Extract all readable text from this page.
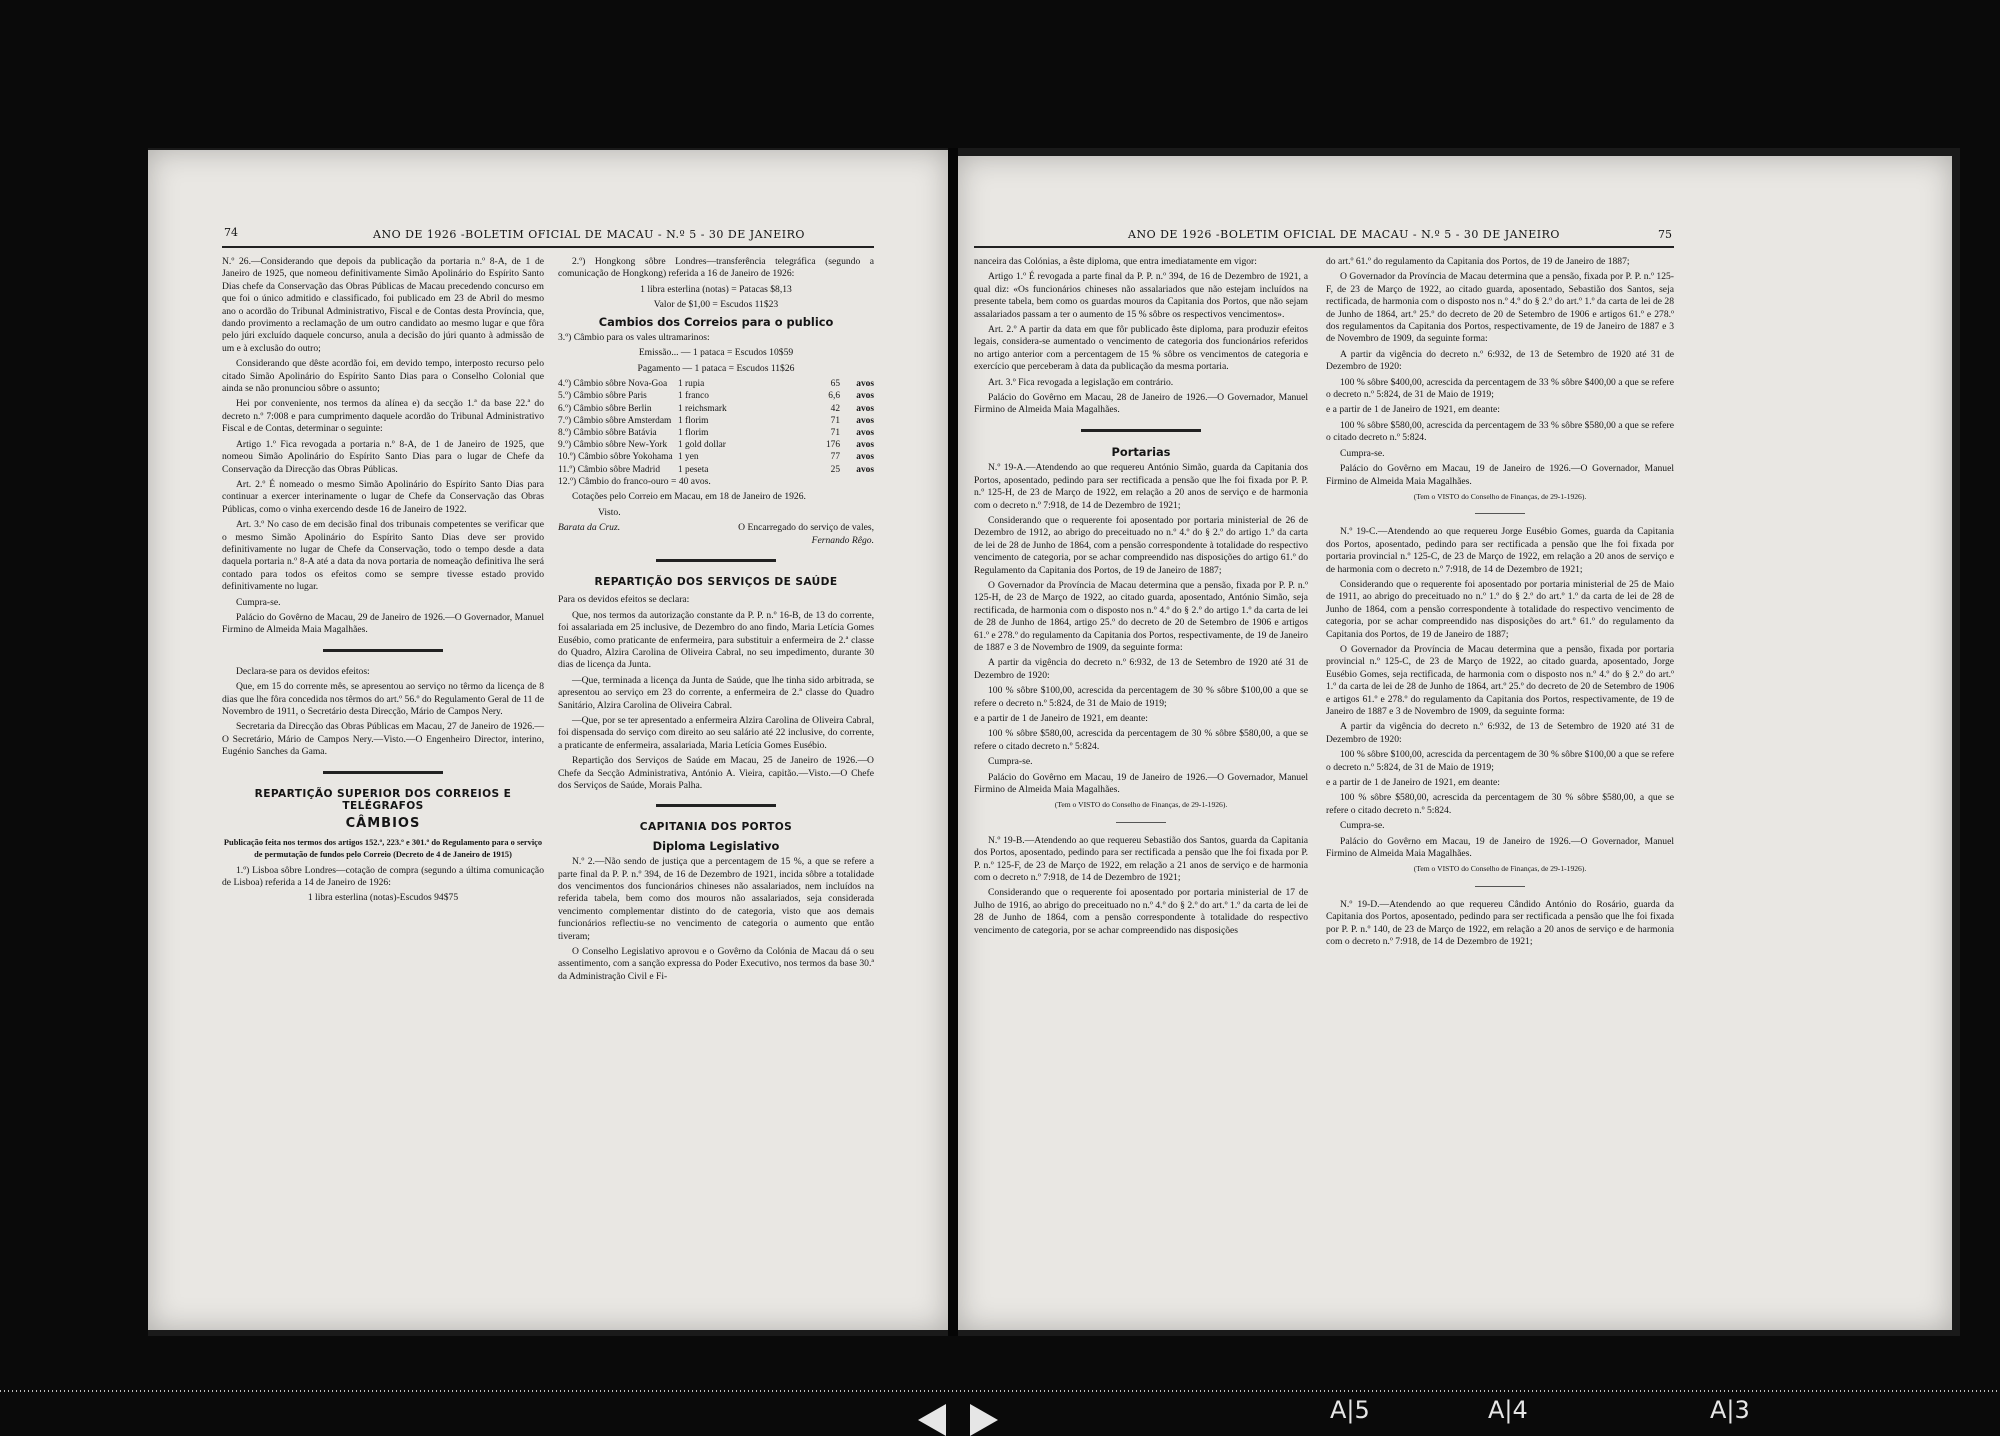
74	ANO DE 1926 -BOLETIM OFICIAL DE MACAU - N.º 5 - 30 DE JANEIRO

N.º 26.—Considerando que depois da publicação da portaria n.º 8-A, de 1 de Janeiro de 1925, que nomeou definitivamente Simão Apolinário do Espírito Santo Dias chefe da Conservação das Obras Públicas de Macau precedendo concurso em que foi o único admitido e classificado, foi publicado em 23 de Abril do mesmo ano o acordão do Tribunal Administrativo, Fiscal e de Contas desta Província, que, dando provimento a reclamação de um outro candidato ao mesmo lugar e que fôra pelo júri excluído daquele concurso, anula a decisão do júri quanto à admissão de um e à exclusão do outro;

Considerando que dêste acordão foi, em devido tempo, interposto recurso pelo citado Simão Apolinário do Espírito Santo Dias para o Conselho Colonial que ainda se não pronunciou sôbre o assunto;

Hei por conveniente, nos termos da alínea e) da secção 1.ª da base 22.ª do decreto n.º 7:008 e para cumprimento daquele acordão do Tribunal Administrativo Fiscal e de Contas, determinar o seguinte:

Artigo 1.º Fica revogada a portaria n.º 8-A, de 1 de Janeiro de 1925, que nomeou Simão Apolinário do Espírito Santo Dias para o lugar de Chefe da Conservação da Direcção das Obras Públicas.

Art. 2.º É nomeado o mesmo Simão Apolinário do Espírito Santo Dias para continuar a exercer interinamente o lugar de Chefe da Conservação das Obras Públicas, como o vinha exercendo desde 16 de Janeiro de 1922.

Art. 3.º No caso de em decisão final dos tribunais competentes se verificar que o mesmo Simão Apolinário do Espírito Santo Dias deve ser provido definitivamente no lugar de Chefe da Conservação, todo o tempo desde a data daquela portaria n.º 8-A até a data da nova portaria de nomeação definitiva lhe será contado para todos os efeitos como se sempre tivesse estado provido definitivamente no lugar.

Cumpra-se.

Palácio do Govêrno de Macau, 29 de Janeiro de 1926.—O Governador, Manuel Firmino de Almeida Maia Magalhães.

Declara-se para os devidos efeitos:

Que, em 15 do corrente mês, se apresentou ao serviço no têrmo da licença de 8 dias que lhe fôra concedida nos têrmos do art.º 56.º do Regulamento Geral de 11 de Novembro de 1911, o Secretário desta Direcção, Mário de Campos Nery.

Secretaria da Direcção das Obras Públicas em Macau, 27 de Janeiro de 1926.—O Secretário, Mário de Campos Nery.—Visto.—O Engenheiro Director, interino, Eugénio Sanches da Gama.

REPARTIÇÃO SUPERIOR DOS CORREIOS E TELÉGRAFOS
CÂMBIOS

Publicação feita nos termos dos artigos 152.º, 223.º e 301.º do Regulamento para o serviço de permutação de fundos pelo Correio (Decreto de 4 de Janeiro de 1915)

1.º) Lisboa sôbre Londres—cotação de compra (segundo a última comunicação de Lisboa) referida a 14 de Janeiro de 1926:

1 libra esterlina (notas)-Escudos 94$75

2.º) Hongkong sôbre Londres—transferência telegráfica (segundo a comunicação de Hongkong) referida a 16 de Janeiro de 1926:

1 libra esterlina (notas) = Patacas $8,13

Valor de $1,00 = Escudos 11$23

Cambios dos Correios para o publico

3.º) Câmbio para os vales ultramarinos:

Emissão... — 1 pataca = Escudos 10$59

Pagamento — 1 pataca = Escudos 11$26

4.º) Câmbio sôbre Nova-Goa	1 rupia	65	avos
5.º) Câmbio sôbre Paris	1 franco	6,6	avos
6.º) Câmbio sôbre Berlin	1 reichsmark	42	avos
7.º) Câmbio sôbre Amsterdam 1 florim	71	avos
8.º) Câmbio sôbre Batávia	1 florim	71	avos
9.º) Câmbio sôbre New-York	1 gold dollar	176	avos
10.º) Câmbio sôbre Yokohama 1 yen	77	avos
11.º) Câmbio sôbre Madrid	1 peseta	25	avos

12.º) Câmbio do franco-ouro = 40 avos.

Cotações pelo Correio em Macau, em 18 de Janeiro de 1926.

Visto.

Barata da Cruz.	O Encarregado do serviço de vales,

Fernando Rêgo.

REPARTIÇÃO DOS SERVIÇOS DE SAÚDE

Para os devidos efeitos se declara:

Que, nos termos da autorização constante da P. P. n.º 16-B, de 13 do corrente, foi assalariada em 25 inclusive, de Dezembro do ano findo, Maria Letícia Gomes Eusébio, como praticante de enfermeira, para substituir a enfermeira de 2.ª classe do Quadro, Alzira Carolina de Oliveira Cabral, no seu impedimento, durante 30 dias de licença da Junta.

—Que, terminada a licença da Junta de Saúde, que lhe tinha sido arbitrada, se apresentou ao serviço em 23 do corrente, a enfermeira de 2.ª classe do Quadro Sanitário, Alzira Carolina de Oliveira Cabral.

—Que, por se ter apresentado a enfermeira Alzira Carolina de Oliveira Cabral, foi dispensada do serviço com direito ao seu salário até 22 inclusive, do corrente, a praticante de enfermeira, assalariada, Maria Letícia Gomes Eusébio.

Repartição dos Serviços de Saúde em Macau, 25 de Janeiro de 1926.—O Chefe da Secção Administrativa, António A. Vieira, capitão.—Visto.—O Chefe dos Serviços de Saúde, Morais Palha.

CAPITANIA DOS PORTOS
Diploma Legislativo

N.º 2.—Não sendo de justiça que a percentagem de 15 %, a que se refere a parte final da P. P. n.º 394, de 16 de Dezembro de 1921, incida sôbre a totalidade dos vencimentos dos funcionários chineses não assalariados, nem incluídos na referida tabela, bem como dos mouros não assalariados, seja considerada vencimento complementar distinto do de categoria, visto que aos demais funcionários reflectiu-se no vencimento de categoria o aumento que então tiveram;

O Conselho Legislativo aprovou e o Govêrno da Colónia de Macau dá o seu assentimento, com a sanção expressa do Poder Executivo, nos termos da base 30.ª da Administração Civil e Fi-

ANO DE 1926 -BOLETIM OFICIAL DE MACAU - N.º 5 - 30 DE JANEIRO	75

nanceira das Colónias, a êste diploma, que entra imediatamente em vigor:

Artigo 1.º É revogada a parte final da P. P. n.º 394, de 16 de Dezembro de 1921, a qual diz: «Os funcionários chineses não assalariados que não estejam incluídos na presente tabela, bem como os guardas mouros da Capitania dos Portos, que não sejam assalariados passam a ter o aumento de 15 % sôbre os respectivos vencimentos».

Art. 2.º A partir da data em que fôr publicado êste diploma, para produzir efeitos legais, considera-se aumentado o vencimento de categoria dos funcionários referidos no artigo anterior com a percentagem de 15 % sôbre os vencimentos de categoria e exercício que perceberam à data da publicação da mesma portaria.

Art. 3.º Fica revogada a legislação em contrário.

Palácio do Govêrno em Macau, 28 de Janeiro de 1926.—O Governador, Manuel Firmino de Almeida Maia Magalhães.

Portarias

N.º 19-A.—Atendendo ao que requereu António Simão, guarda da Capitania dos Portos, aposentado, pedindo para ser rectificada a pensão que lhe foi fixada por P. P. n.º 125-H, de 23 de Março de 1922, em relação a 20 anos de serviço e de harmonia com o decreto n.º 7:918, de 14 de Dezembro de 1921;

Considerando que o requerente foi aposentado por portaria ministerial de 26 de Dezembro de 1912, ao abrigo do preceituado no n.º 4.º do § 2.º do artigo 1.º da carta de lei de 28 de Junho de 1864, com a pensão correspondente à totalidade do respectivo vencimento de categoria, por se achar compreendido nas disposições do artigo 61.º do Regulamento da Capitania dos Portos, de 19 de Janeiro de 1887;

O Governador da Província de Macau determina que a pensão, fixada por P. P. n.º 125-H, de 23 de Março de 1922, ao citado guarda, aposentado, António Simão, seja rectificada, de harmonia com o disposto nos n.º 4.º do § 2.º do artigo 1.º da carta de lei de 28 de Junho de 1864, artigo 25.º do decreto de 20 de Setembro de 1906 e artigos 61.º e 278.º do regulamento da Capitania dos Portos, respectivamente, de 19 de Janeiro de 1887 e 3 de Novembro de 1909, da seguinte forma:

A partir da vigência do decreto n.º 6:932, de 13 de Setembro de 1920 até 31 de Dezembro de 1920:

100 % sôbre $100,00, acrescida da percentagem de 30 % sôbre $100,00 a que se refere o decreto n.º 5:824, de 31 de Maio de 1919;

e a partir de 1 de Janeiro de 1921, em deante:

100 % sôbre $580,00, acrescida da percentagem de 30 % sôbre $580,00, a que se refere o citado decreto n.º 5:824.

Cumpra-se.

Palácio do Govêrno em Macau, 19 de Janeiro de 1926.—O Governador, Manuel Firmino de Almeida Maia Magalhães.

(Tem o VISTO do Conselho de Finanças, de 29-1-1926).

N.º 19-B.—Atendendo ao que requereu Sebastião dos Santos, guarda da Capitania dos Portos, aposentado, pedindo para ser rectificada a pensão que lhe foi fixada por P. P. n.º 125-F, de 23 de Março de 1922, em relação a 21 anos de serviço e de harmonia com o decreto n.º 7:918, de 14 de Dezembro de 1921;

Considerando que o requerente foi aposentado por portaria ministerial de 17 de Julho de 1916, ao abrigo do preceituado no n.º 4.º do § 2.º do art.º 1.º da carta de lei de 28 de Junho de 1864, com a pensão correspondente à totalidade do respectivo vencimento de categoria, por se achar compreendido nas disposições

do art.º 61.º do regulamento da Capitania dos Portos, de 19 de Janeiro de 1887;

O Governador da Província de Macau determina que a pensão, fixada por P. P. n.º 125-F, de 23 de Março de 1922, ao citado guarda, aposentado, Sebastião dos Santos, seja rectificada, de harmonia com o disposto nos n.º 4.º do § 2.º do art.º 1.º da carta de lei de 28 de Junho de 1864, art.º 25.º do decreto de 20 de Setembro de 1906 e artigos 61.º e 278.º dos regulamentos da Capitania dos Portos, respectivamente, de 19 de Janeiro de 1887 e 3 de Novembro de 1909, da seguinte forma:

A partir da vigência do decreto n.º 6:932, de 13 de Setembro de 1920 até 31 de Dezembro de 1920:

100 % sôbre $400,00, acrescida da percentagem de 33 % sôbre $400,00 a que se refere o decreto n.º 5:824, de 31 de Maio de 1919;

e a partir de 1 de Janeiro de 1921, em deante:

100 % sôbre $580,00, acrescida da percentagem de 33 % sôbre $580,00 a que se refere o citado decreto n.º 5:824.

Cumpra-se.

Palácio do Govêrno em Macau, 19 de Janeiro de 1926.—O Governador, Manuel Firmino de Almeida Maia Magalhães.

(Tem o VISTO do Conselho de Finanças, de 29-1-1926).

N.º 19-C.—Atendendo ao que requereu Jorge Eusébio Gomes, guarda da Capitania dos Portos, aposentado, pedindo para ser rectificada a pensão que lhe foi fixada por portaria provincial n.º 125-C, de 23 de Março de 1922, em relação a 20 anos de serviço e de harmonia com o decreto n.º 7:918, de 14 de Dezembro de 1921;

Considerando que o requerente foi aposentado por portaria ministerial de 25 de Maio de 1911, ao abrigo do preceituado no n.º 1.º do § 2.º do art.º 1.º da carta de lei de 28 de Junho de 1864, com a pensão correspondente à totalidade do respectivo vencimento de categoria, por se achar compreendido nas disposições do art.º 61.º do regulamento da Capitania dos Portos, de 19 de Janeiro de 1887;

O Governador da Província de Macau determina que a pensão, fixada por portaria provincial n.º 125-C, de 23 de Março de 1922, ao citado guarda, aposentado, Jorge Eusébio Gomes, seja rectificada, de harmonia com o disposto nos n.º 4.º do § 2.º do art.º 1.º da carta de lei de 28 de Junho de 1864, art.º 25.º do decreto de 20 de Setembro de 1906 e artigos 61.º e 278.º do regulamento da Capitania dos Portos, respectivamente, de 19 de Janeiro de 1887 e 3 de Novembro de 1909, da seguinte forma:

A partir da vigência do decreto n.º 6:932, de 13 de Setembro de 1920 até 31 de Dezembro de 1920:

100 % sôbre $100,00, acrescida da percentagem de 30 % sôbre $100,00 a que se refere o decreto n.º 5:824, de 31 de Maio de 1919;

e a partir de 1 de Janeiro de 1921, em deante:

100 % sôbre $580,00, acrescida da percentagem de 30 % sôbre $580,00, a que se refere o citado decreto n.º 5:824.

Cumpra-se.

Palácio do Govêrno em Macau, 19 de Janeiro de 1926.—O Governador, Manuel Firmino de Almeida Maia Magalhães.

(Tem o VISTO do Conselho de Finanças, de 29-1-1926).

N.º 19-D.—Atendendo ao que requereu Cândido António do Rosário, guarda da Capitania dos Portos, aposentado, pedindo para ser rectificada a pensão que lhe foi fixada por P. P. n.º 140, de 23 de Março de 1922, em relação a 20 anos de serviço e de harmonia com o decreto n.º 7:918, de 14 de Dezembro de 1921;

A|5	A|4	A|3
